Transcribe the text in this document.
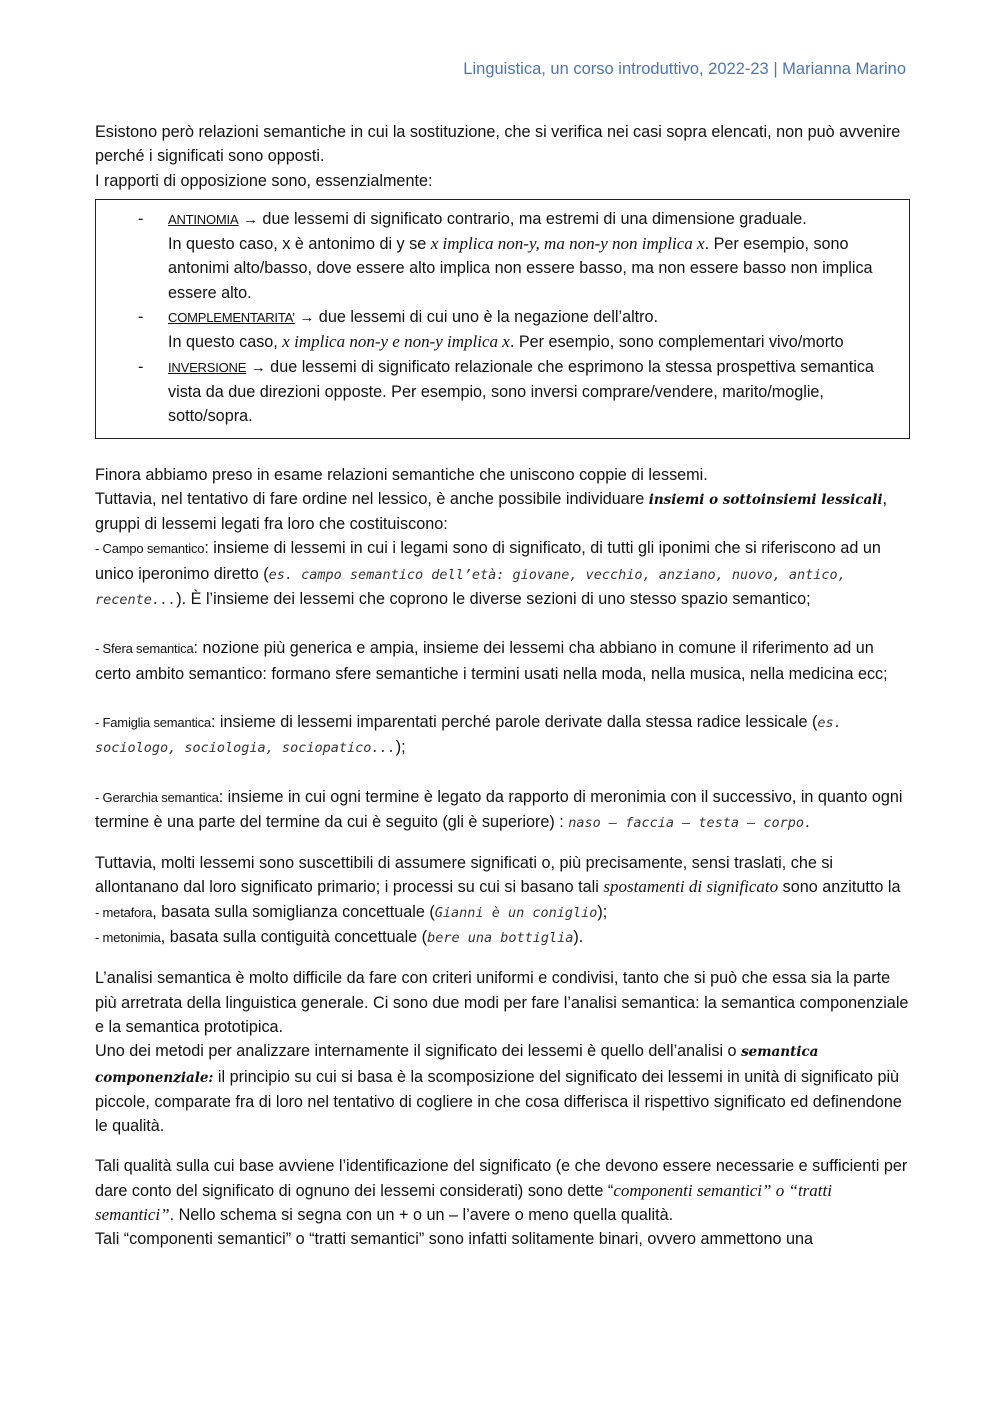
Linguistica, un corso introduttivo, 2022-23 | Marianna Marino

Esistono però relazioni semantiche in cui la sostituzione, che si verifica nei casi sopra elencati, non può avvenire perché i significati sono opposti.

I rapporti di opposizione sono, essenzialmente:

-	ANTINOMIA → due lessemi di significato contrario, ma estremi di una dimensione graduale.
In questo caso, x è antonimo di y se x implica non-y, ma non-y non implica x. Per esempio, sono antonimi alto/basso, dove essere alto implica non essere basso, ma non essere basso non implica essere alto.
-	COMPLEMENTARITA’ → due lessemi di cui uno è la negazione dell’altro.
In questo caso, x implica non-y e non-y implica x. Per esempio, sono complementari vivo/morto
-	INVERSIONE → due lessemi di significato relazionale che esprimono la stessa prospettiva semantica vista da due direzioni opposte. Per esempio, sono inversi comprare/vendere, marito/moglie, sotto/sopra.

Finora abbiamo preso in esame relazioni semantiche che uniscono coppie di lessemi.
Tuttavia, nel tentativo di fare ordine nel lessico, è anche possibile individuare insiemi o sottoinsiemi lessicali, gruppi di lessemi legati fra loro che costituiscono:
- Campo semantico: insieme di lessemi in cui i legami sono di significato, di tutti gli iponimi che si riferiscono ad un unico iperonimo diretto (es. campo semantico dell’età: giovane, vecchio, anziano, nuovo, antico, recente...). È l’insieme dei lessemi che coprono le diverse sezioni di uno stesso spazio semantico;

- Sfera semantica: nozione più generica e ampia, insieme dei lessemi cha abbiano in comune il riferimento ad un certo ambito semantico: formano sfere semantiche i termini usati nella moda, nella musica, nella medicina ecc;

- Famiglia semantica: insieme di lessemi imparentati perché parole derivate dalla stessa radice lessicale (es. sociologo, sociologia, sociopatico...);

- Gerarchia semantica: insieme in cui ogni termine è legato da rapporto di meronimia con il successivo, in quanto ogni termine è una parte del termine da cui è seguito (gli è superiore) : naso – faccia – testa – corpo.

Tuttavia, molti lessemi sono suscettibili di assumere significati o, più precisamente, sensi traslati, che si allontanano dal loro significato primario; i processi su cui si basano tali spostamenti di significato sono anzitutto la
- metafora, basata sulla somiglianza concettuale (Gianni è un coniglio);
- metonimia, basata sulla contiguità concettuale (bere una bottiglia).

L’analisi semantica è molto difficile da fare con criteri uniformi e condivisi, tanto che si può che essa sia la parte più arretrata della linguistica generale. Ci sono due modi per fare l’analisi semantica: la semantica componenziale e la semantica prototipica.
Uno dei metodi per analizzare internamente il significato dei lessemi è quello dell’analisi o semantica componenziale: il principio su cui si basa è la scomposizione del significato dei lessemi in unità di significato più piccole, comparate fra di loro nel tentativo di cogliere in che cosa differisca il rispettivo significato ed definendone le qualità.

Tali qualità sulla cui base avviene l’identificazione del significato (e che devono essere necessarie e sufficienti per dare conto del significato di ognuno dei lessemi considerati) sono dette “componenti semantici” o “tratti semantici”. Nello schema si segna con un + o un – l’avere o meno quella qualità.
Tali “componenti semantici” o “tratti semantici” sono infatti solitamente binari, ovvero ammettono una
